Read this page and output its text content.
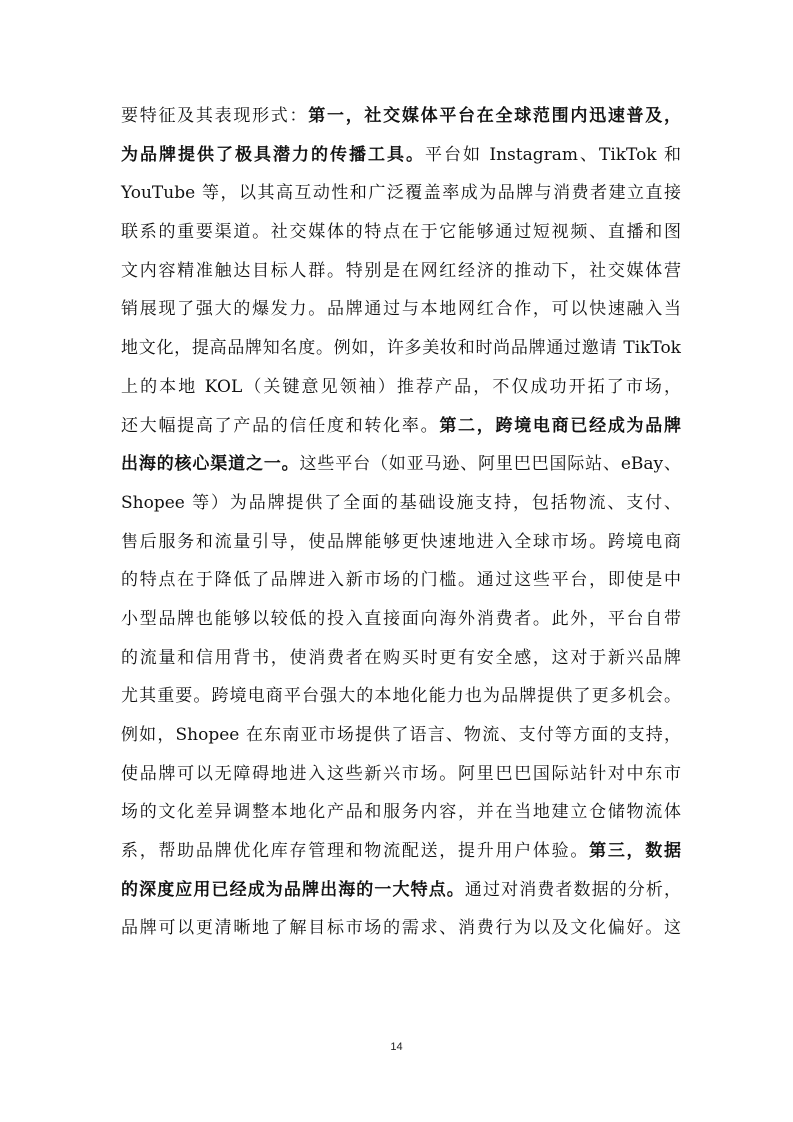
要特征及其表现形式：第一，社交媒体平台在全球范围内迅速普及，
为品牌提供了极具潜力的传播工具。平台如 Instagram、TikTok 和
YouTube 等，以其高互动性和广泛覆盖率成为品牌与消费者建立直接
联系的重要渠道。社交媒体的特点在于它能够通过短视频、直播和图
文内容精准触达目标人群。特别是在网红经济的推动下，社交媒体营
销展现了强大的爆发力。品牌通过与本地网红合作，可以快速融入当
地文化，提高品牌知名度。例如，许多美妆和时尚品牌通过邀请 TikTok
上的本地 KOL（关键意见领袖）推荐产品，不仅成功开拓了市场，
还大幅提高了产品的信任度和转化率。第二，跨境电商已经成为品牌
出海的核心渠道之一。这些平台（如亚马逊、阿里巴巴国际站、eBay、
Shopee 等）为品牌提供了全面的基础设施支持，包括物流、支付、
售后服务和流量引导，使品牌能够更快速地进入全球市场。跨境电商
的特点在于降低了品牌进入新市场的门槛。通过这些平台，即使是中
小型品牌也能够以较低的投入直接面向海外消费者。此外，平台自带
的流量和信用背书，使消费者在购买时更有安全感，这对于新兴品牌
尤其重要。跨境电商平台强大的本地化能力也为品牌提供了更多机会。
例如，Shopee 在东南亚市场提供了语言、物流、支付等方面的支持，
使品牌可以无障碍地进入这些新兴市场。阿里巴巴国际站针对中东市
场的文化差异调整本地化产品和服务内容，并在当地建立仓储物流体
系，帮助品牌优化库存管理和物流配送，提升用户体验。第三，数据
的深度应用已经成为品牌出海的一大特点。通过对消费者数据的分析，
品牌可以更清晰地了解目标市场的需求、消费行为以及文化偏好。这
14
